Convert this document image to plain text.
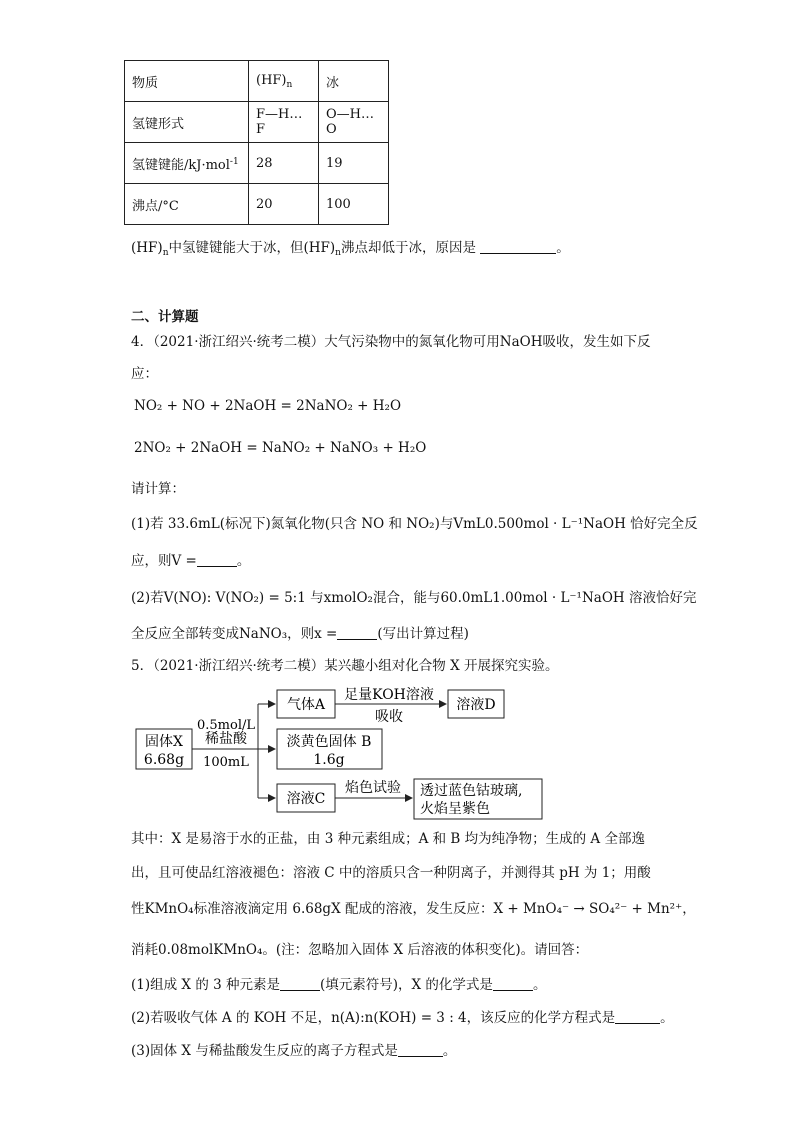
物质	$(HF)_n$	冰
氢键形式	F—H…F	O—H…O
氢键键能/kJ·mol$^{-1}$	28	19
沸点/°C	20	100
$(HF)_n$中氢键键能大于冰，但$(HF)_n$沸点却低于冰，原因是	。
二、计算题
4．（2021·浙江绍兴·统考二模）大气污染物中的氮氧化物可用NaOH吸收，发生如下反
应：
NO₂ + NO + 2NaOH = 2NaNO₂ + H₂O
2NO₂ + 2NaOH = NaNO₂ + NaNO₃ + H₂O
请计算：
(1)若 33.6mL(标况下)氮氧化物(只含 NO 和 NO₂)与VmL0.500mol · L⁻¹NaOH 恰好完全反
应，则V =	。
(2)若V(NO): V(NO₂) = 5:1 与xmolO₂混合，能与60.0mL1.00mol · L⁻¹NaOH 溶液恰好完
全反应全部转变成NaNO₃，则x =	(写出计算过程)
5．（2021·浙江绍兴·统考二模）某兴趣小组对化合物 X 开展探究实验。
固体X
6.68g
0.5mol/L
稀盐酸
100mL
气体A
足量KOH溶液
吸收
溶液D
淡黄色固体 B
1.6g
溶液C
焰色试验 透过蓝色钴玻璃,
火焰呈紫色
其中：X 是易溶于水的正盐，由 3 种元素组成；A 和 B 均为纯净物；生成的 A 全部逸
出，且可使品红溶液褪色：溶液 C 中的溶质只含一种阴离子，并测得其 pH 为 1；用酸
性KMnO₄标准溶液滴定用 6.68gX 配成的溶液，发生反应：X + MnO₄⁻ → SO₄²⁻ + Mn²⁺，
消耗0.08molKMnO₄。(注：忽略加入固体 X 后溶液的体积变化)。请回答：
(1)组成 X 的 3 种元素是	(填元素符号)，X 的化学式是	。
(2)若吸收气体 A 的 KOH 不足，n(A):n(KOH) = 3 : 4，该反应的化学方程式是	。
(3)固体 X 与稀盐酸发生反应的离子方程式是	。
